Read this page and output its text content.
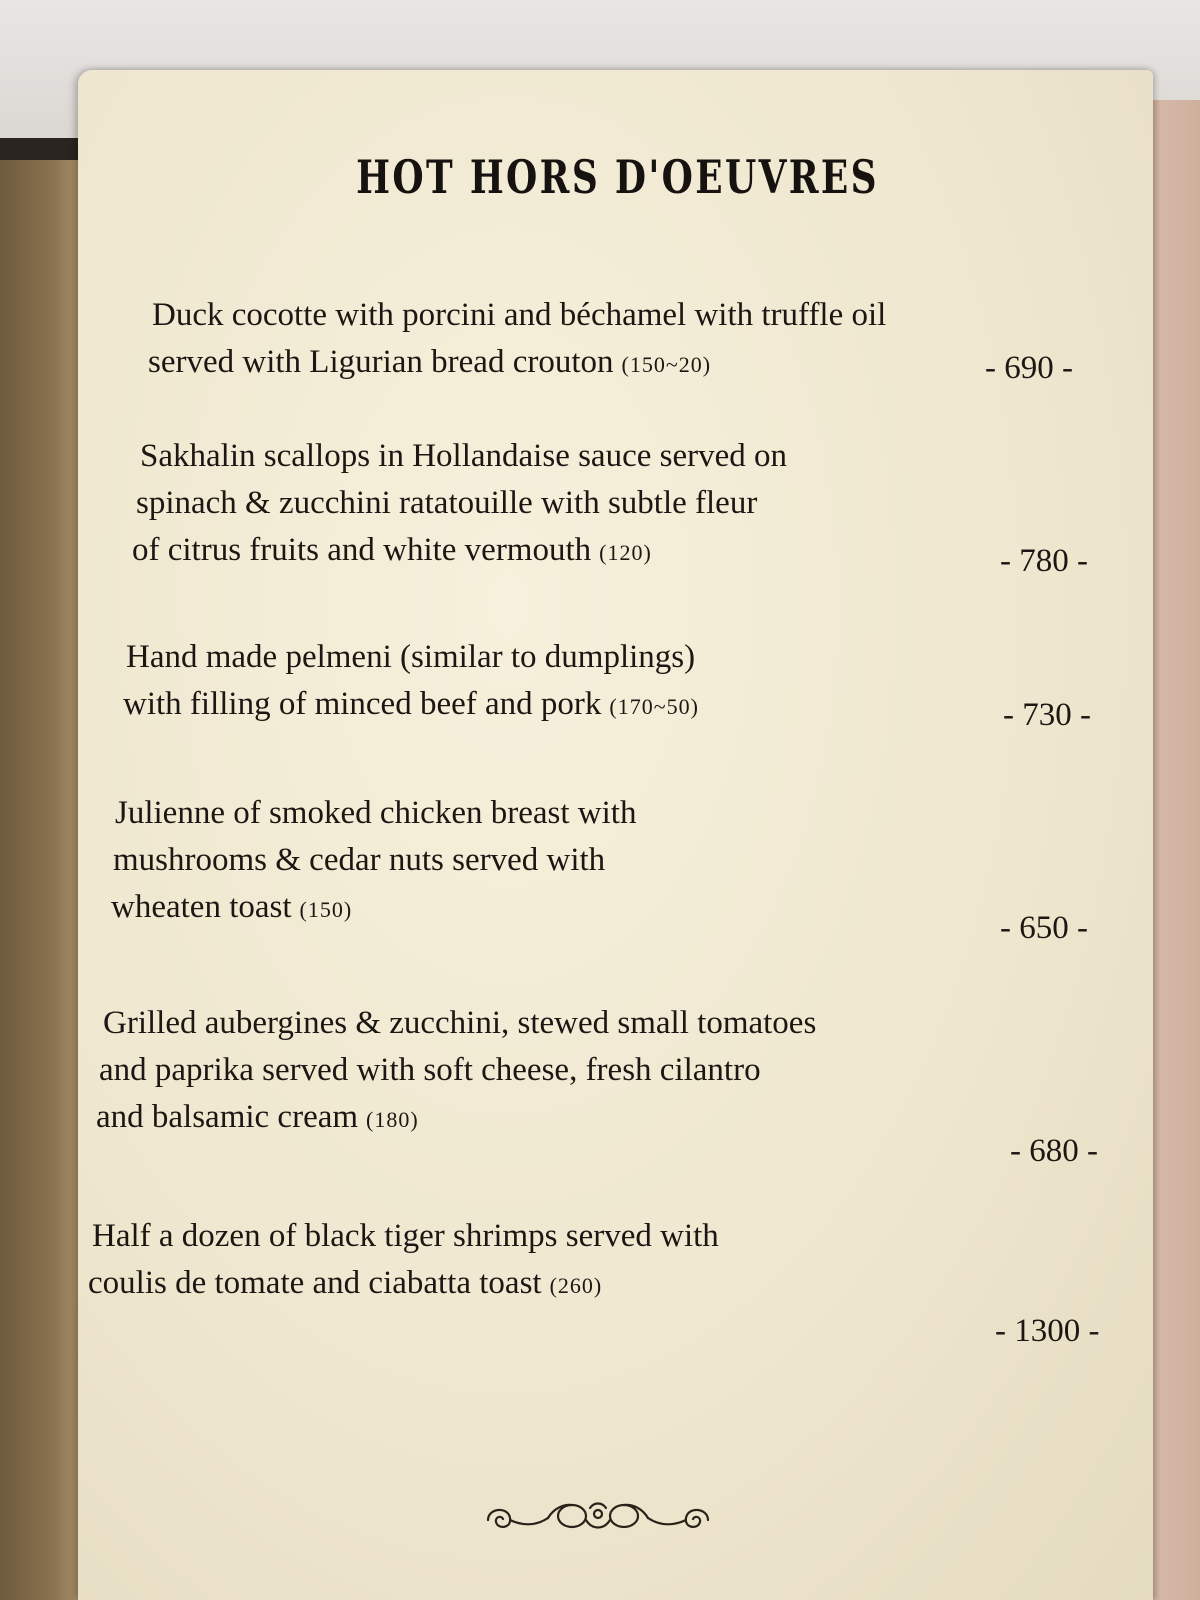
HOT HORS D'OEUVRES
Duck cocotte with porcini and béchamel with truffle oil
served with Ligurian bread crouton (150~20)	- 690 -
Sakhalin scallops in Hollandaise sauce served on
spinach & zucchini ratatouille with subtle fleur
of citrus fruits and white vermouth (120)	- 780 -
Hand made pelmeni (similar to dumplings)
with filling of minced beef and pork (170~50)	- 730 -
Julienne of smoked chicken breast with
mushrooms & cedar nuts served with
wheaten toast (150)
- 650 -
Grilled aubergines & zucchini, stewed small tomatoes
and paprika served with soft cheese, fresh cilantro
and balsamic cream (180)
- 680 -
Half a dozen of black tiger shrimps served with
coulis de tomate and ciabatta toast (260)
- 1300 -
